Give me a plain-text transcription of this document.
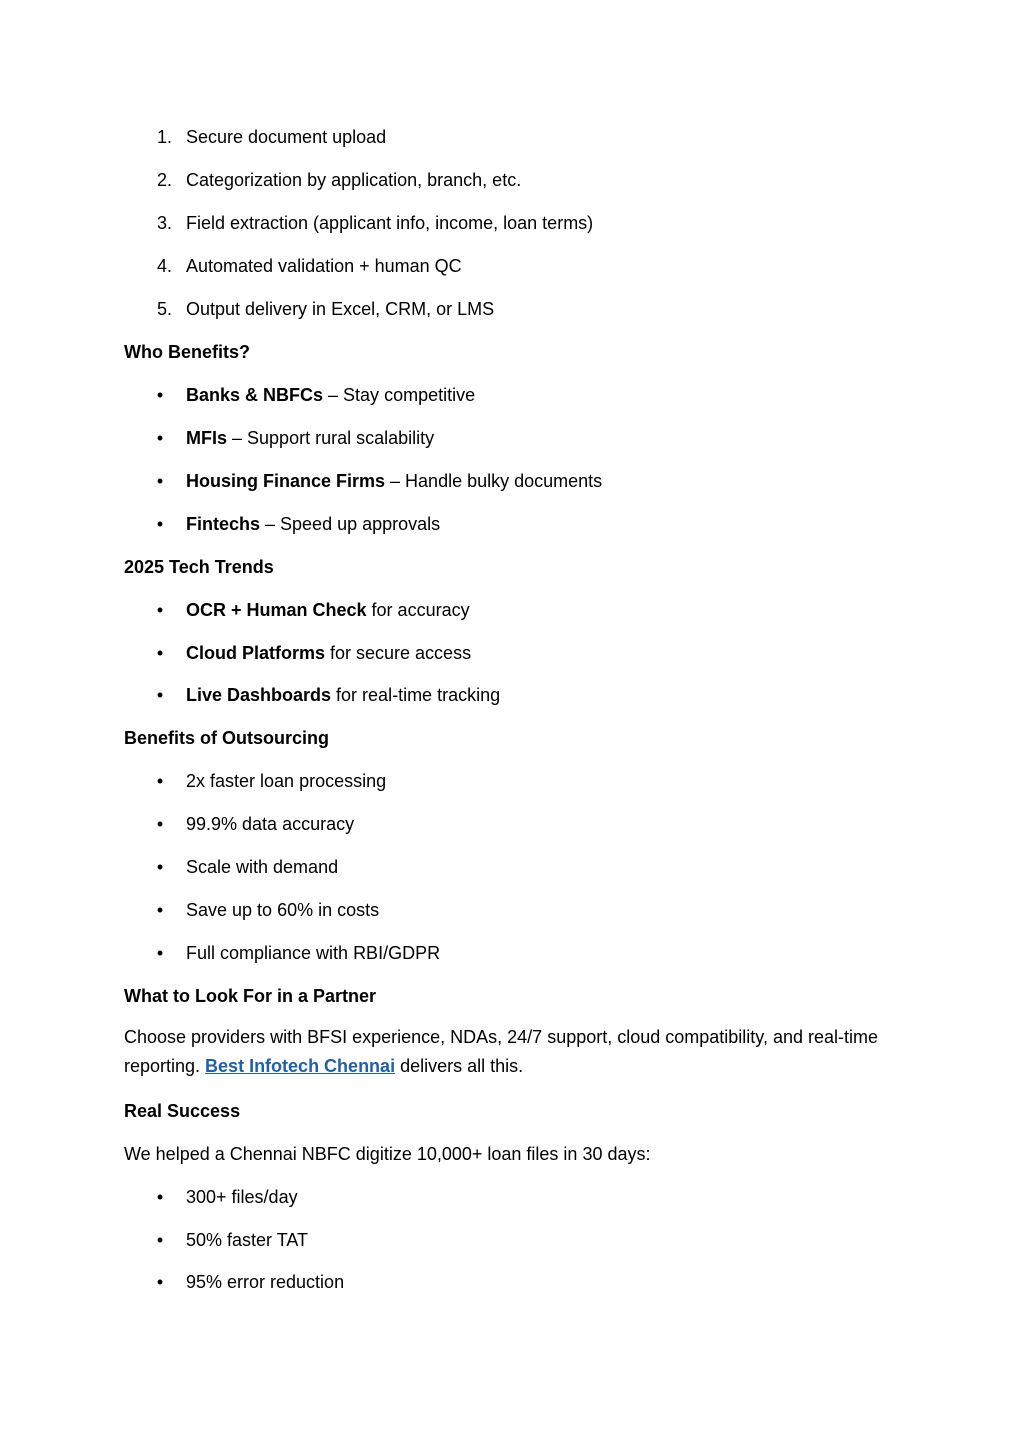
1. Secure document upload
2. Categorization by application, branch, etc.
3. Field extraction (applicant info, income, loan terms)
4. Automated validation + human QC
5. Output delivery in Excel, CRM, or LMS
Who Benefits?
• Banks & NBFCs – Stay competitive
• MFIs – Support rural scalability
• Housing Finance Firms – Handle bulky documents
• Fintechs – Speed up approvals
2025 Tech Trends
• OCR + Human Check for accuracy
• Cloud Platforms for secure access
• Live Dashboards for real-time tracking
Benefits of Outsourcing
• 2x faster loan processing
• 99.9% data accuracy
• Scale with demand
• Save up to 60% in costs
• Full compliance with RBI/GDPR
What to Look For in a Partner
Choose providers with BFSI experience, NDAs, 24/7 support, cloud compatibility, and real-time reporting. Best Infotech Chennai delivers all this.
Real Success
We helped a Chennai NBFC digitize 10,000+ loan files in 30 days:
• 300+ files/day
• 50% faster TAT
• 95% error reduction
